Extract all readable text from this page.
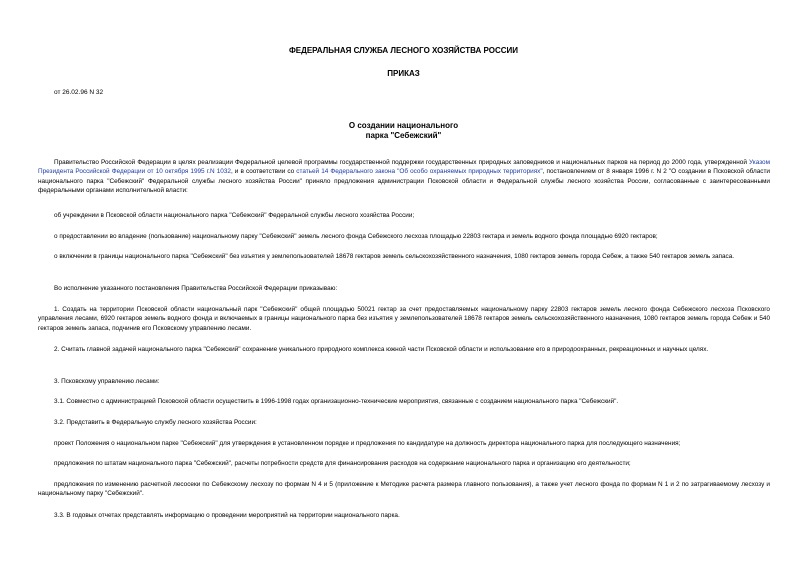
ФЕДЕРАЛЬНАЯ СЛУЖБА ЛЕСНОГО ХОЗЯЙСТВА РОССИИ
ПРИКАЗ
от 26.02.96 N 32
О создании национального
парка "Себежский"

Правительство Российской Федерации в целях реализации Федеральной целевой программы государственной поддержки государственных природных заповедников и национальных парков на период до 2000 года, утвержденной Указом Президента Российской Федерации от 10 октября 1995 г.N 1032, и в соответствии со статьей 14 Федерального закона "Об особо охраняемых природных территориях", постановлением от 8 января 1996 г. N 2 "О создании в Псковской области национального парка "Себежский" Федеральной службы лесного хозяйства России" приняло предложения администрации Псковской области и Федеральной службы лесного хозяйства России, согласованные с заинтересованными федеральными органами исполнительной власти:

об учреждении в Псковской области национального парка "Себежский" Федеральной службы лесного хозяйства России;

о предоставлении во владение (пользование) национальному парку "Себежский" земель лесного фонда Себежского лесхоза площадью 22803 гектара и земель водного фонда площадью 6920 гектаров;

о включении в границы национального парка "Себежский" без изъятия у землепользователей 18678 гектаров земель сельскохозяйственного назначения, 1080 гектаров земель города Себеж, а также 540 гектаров земель запаса.

Во исполнение указанного постановления Правительства Российской Федерации приказываю:

1. Создать на территории Псковской области национальный парк "Себежский" общей площадью 50021 гектар за счет предоставляемых национальному парку 22803 гектаров земель лесного фонда Себежского лесхоза Псковского управления лесами, 6920 гектаров земель водного фонда и включаемых в границы национального парка без изъятия у землепользователей 18678 гектаров земель сельскохозяйственного назначения, 1080 гектаров земель города Себеж и 540 гектаров земель запаса, подчинив его Псковскому управлению лесами.

2. Считать главной задачей национального парка "Себежский" сохранение уникального природного комплекса южной части Псковской области и использование его в природоохранных, рекреационных и научных целях.

3. Псковскому управлению лесами:

3.1. Совместно с администрацией Псковской области осуществить в 1996-1998 годах организационно-технические мероприятия, связанные с созданием национального парка "Себежский".

3.2. Представить в Федеральную службу лесного хозяйства России:

проект Положения о национальном парке "Себежский" для утверждения в установленном порядке и предложения по кандидатуре на должность директора национального парка для последующего назначения;

предложения по штатам национального парка "Себежский", расчеты потребности средств для финансирования расходов на содержание национального парка и организацию его деятельности;

предложения по изменению расчетной лесосеки по Себежскому лесхозу по формам N 4 и 5 (приложение к Методике расчета размера главного пользования), а также учет лесного фонда по формам N 1 и 2 по затрагиваемому лесхозу и национальному парку "Себежский".

3.3. В годовых отчетах представлять информацию о проведении мероприятий на территории национального парка.
